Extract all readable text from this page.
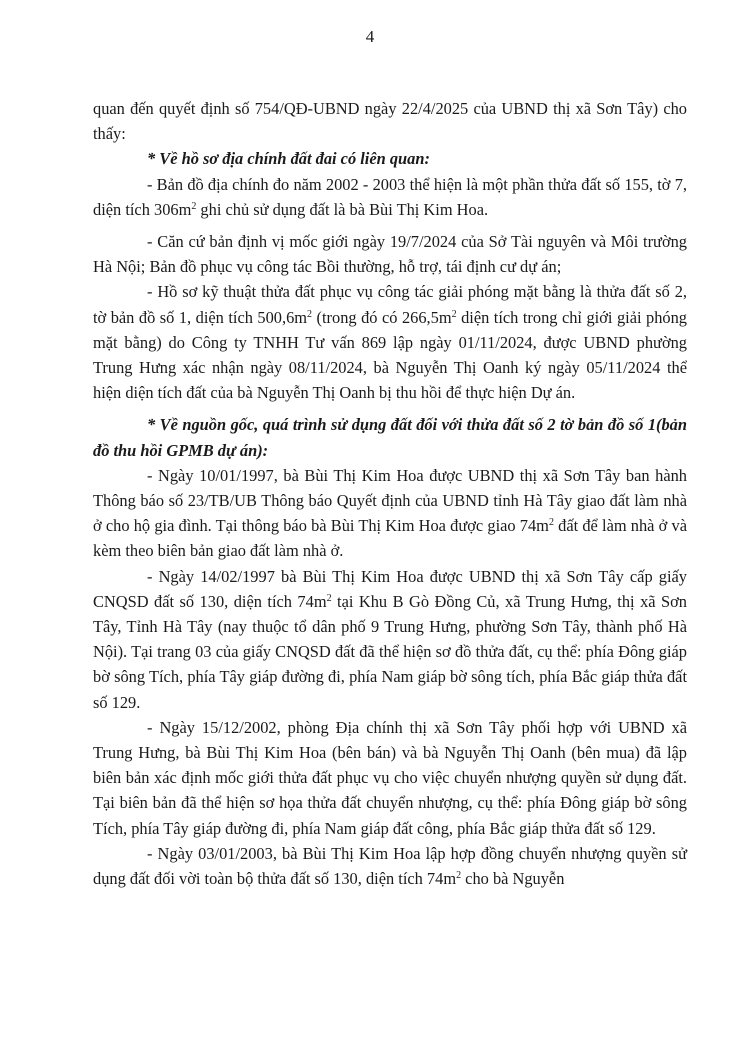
4

quan đến quyết định số 754/QĐ-UBND ngày 22/4/2025 của UBND thị xã Sơn Tây) cho thấy:

* Về hồ sơ địa chính đất đai có liên quan:

- Bản đồ địa chính đo năm 2002 - 2003 thể hiện là một phần thửa đất số 155, tờ 7, diện tích $306m^2$ ghi chủ sử dụng đất là bà Bùi Thị Kim Hoa.

- Căn cứ bản định vị mốc giới ngày 19/7/2024 của Sở Tài nguyên và Môi trường Hà Nội; Bản đồ phục vụ công tác Bồi thường, hỗ trợ, tái định cư dự án;

- Hồ sơ kỹ thuật thửa đất phục vụ công tác giải phóng mặt bằng là thửa đất số 2, tờ bản đồ số 1, diện tích $500,6m^2$ (trong đó có $266,5m^2$ diện tích trong chỉ giới giải phóng mặt bằng) do Công ty TNHH Tư vấn 869 lập ngày 01/11/2024, được UBND phường Trung Hưng xác nhận ngày 08/11/2024, bà Nguyễn Thị Oanh ký ngày 05/11/2024 thể hiện diện tích đất của bà Nguyễn Thị Oanh bị thu hồi để thực hiện Dự án.

* Về nguồn gốc, quá trình sử dụng đất đối với thửa đất số 2 tờ bản đồ số 1(bản đồ thu hồi GPMB dự án):

- Ngày 10/01/1997, bà Bùi Thị Kim Hoa được UBND thị xã Sơn Tây ban hành Thông báo số 23/TB/UB Thông báo Quyết định của UBND tỉnh Hà Tây giao đất làm nhà ở cho hộ gia đình. Tại thông báo bà Bùi Thị Kim Hoa được giao $74m^2$ đất để làm nhà ở và kèm theo biên bản giao đất làm nhà ở.

- Ngày 14/02/1997 bà Bùi Thị Kim Hoa được UBND thị xã Sơn Tây cấp giấy CNQSD đất số 130, diện tích $74m^2$ tại Khu B Gò Đồng Củ, xã Trung Hưng, thị xã Sơn Tây, Tỉnh Hà Tây (nay thuộc tổ dân phố 9 Trung Hưng, phường Sơn Tây, thành phố Hà Nội). Tại trang 03 của giấy CNQSD đất đã thể hiện sơ đồ thửa đất, cụ thể: phía Đông giáp bờ sông Tích, phía Tây giáp đường đi, phía Nam giáp bờ sông tích, phía Bắc giáp thửa đất số 129.

- Ngày 15/12/2002, phòng Địa chính thị xã Sơn Tây phối hợp với UBND xã Trung Hưng, bà Bùi Thị Kim Hoa (bên bán) và bà Nguyễn Thị Oanh (bên mua) đã lập biên bản xác định mốc giới thửa đất phục vụ cho việc chuyển nhượng quyền sử dụng đất. Tại biên bản đã thể hiện sơ họa thửa đất chuyển nhượng, cụ thể: phía Đông giáp bờ sông Tích, phía Tây giáp đường đi, phía Nam giáp đất công, phía Bắc giáp thửa đất số 129.

- Ngày 03/01/2003, bà Bùi Thị Kim Hoa lập hợp đồng chuyển nhượng quyền sử dụng đất đối vời toàn bộ thửa đất số 130, diện tích $74m^2$ cho bà Nguyễn
